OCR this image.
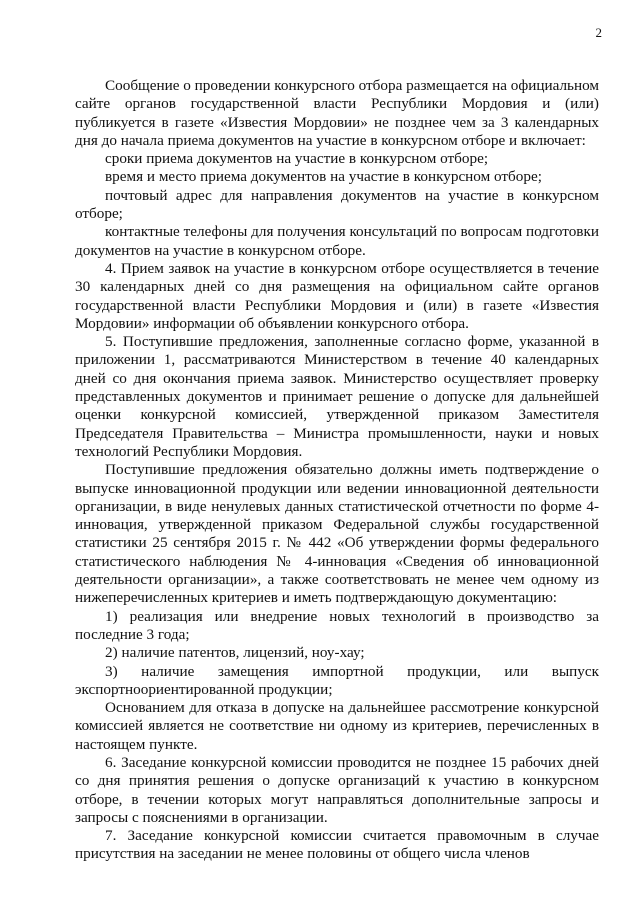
2

Сообщение о проведении конкурсного отбора размещается на официальном сайте органов государственной власти Республики Мордовия и (или) публикуется в газете «Известия Мордовии» не позднее чем за 3 календарных дня до начала приема документов на участие в конкурсном отборе и включает:

сроки приема документов на участие в конкурсном отборе;

время и место приема документов на участие в конкурсном отборе;

почтовый адрес для направления документов на участие в конкурсном отборе;

контактные телефоны для получения консультаций по вопросам подготовки документов на участие в конкурсном отборе.

4. Прием заявок на участие в конкурсном отборе осуществляется в течение 30 календарных дней со дня размещения на официальном сайте органов государственной власти Республики Мордовия и (или) в газете «Известия Мордовии» информации об объявлении конкурсного отбора.

5. Поступившие предложения, заполненные согласно форме, указанной в приложении 1, рассматриваются Министерством в течение 40 календарных дней со дня окончания приема заявок. Министерство осуществляет проверку представленных документов и принимает решение о допуске для дальнейшей оценки конкурсной комиссией, утвержденной приказом Заместителя Председателя Правительства – Министра промышленности, науки и новых технологий Республики Мордовия.

Поступившие предложения обязательно должны иметь подтверждение о выпуске инновационной продукции или ведении инновационной деятельности организации, в виде ненулевых данных статистической отчетности по форме 4-инновация, утвержденной приказом Федеральной службы государственной статистики 25 сентября 2015 г. № 442 «Об утверждении формы федерального статистического наблюдения № 4-инновация «Сведения об инновационной деятельности организации», а также соответствовать не менее чем одному из нижеперечисленных критериев и иметь подтверждающую документацию:

1) реализация или внедрение новых технологий в производство за последние 3 года;

2) наличие патентов, лицензий, ноу-хау;

3) наличие замещения импортной продукции, или выпуск экспортноориентированной продукции;

Основанием для отказа в допуске на дальнейшее рассмотрение конкурсной комиссией является не соответствие ни одному из критериев, перечисленных в настоящем пункте.

6. Заседание конкурсной комиссии проводится не позднее 15 рабочих дней со дня принятия решения о допуске организаций к участию в конкурсном отборе, в течении которых могут направляться дополнительные запросы и запросы с пояснениями в организации.

7. Заседание конкурсной комиссии считается правомочным в случае присутствия на заседании не менее половины от общего числа членов
